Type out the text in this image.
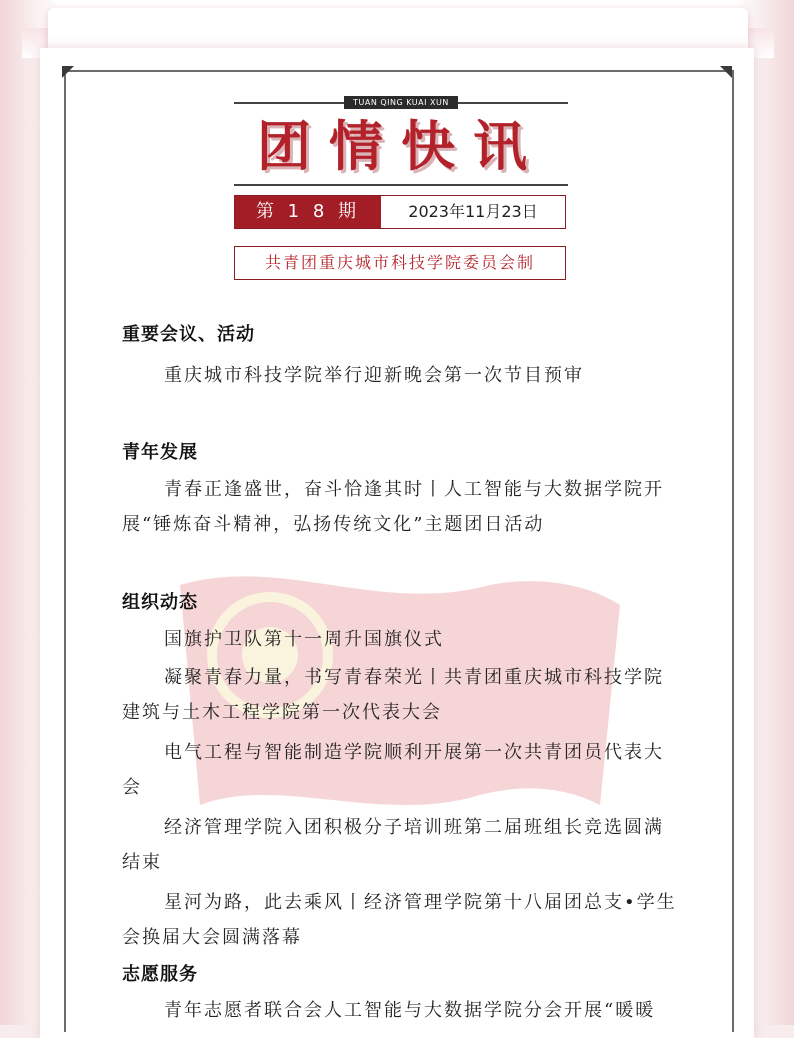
TUAN QING KUAI XUN
团情快讯
第 1 8 期	2023年11月23日
共青团重庆城市科技学院委员会制
重要会议、活动
重庆城市科技学院举行迎新晚会第一次节目预审
青年发展
青春正逢盛世，奋斗恰逢其时丨人工智能与大数据学院开展“锤炼奋斗精神，弘扬传统文化”主题团日活动
组织动态
国旗护卫队第十一周升国旗仪式
凝聚青春力量，书写青春荣光丨共青团重庆城市科技学院建筑与土木工程学院第一次代表大会
电气工程与智能制造学院顺利开展第一次共青团员代表大会
经济管理学院入团积极分子培训班第二届班组长竞选圆满结束
星河为路，此去乘风丨经济管理学院第十八届团总支•学生会换届大会圆满落幕
志愿服务
青年志愿者联合会人工智能与大数据学院分会开展“暖暖
